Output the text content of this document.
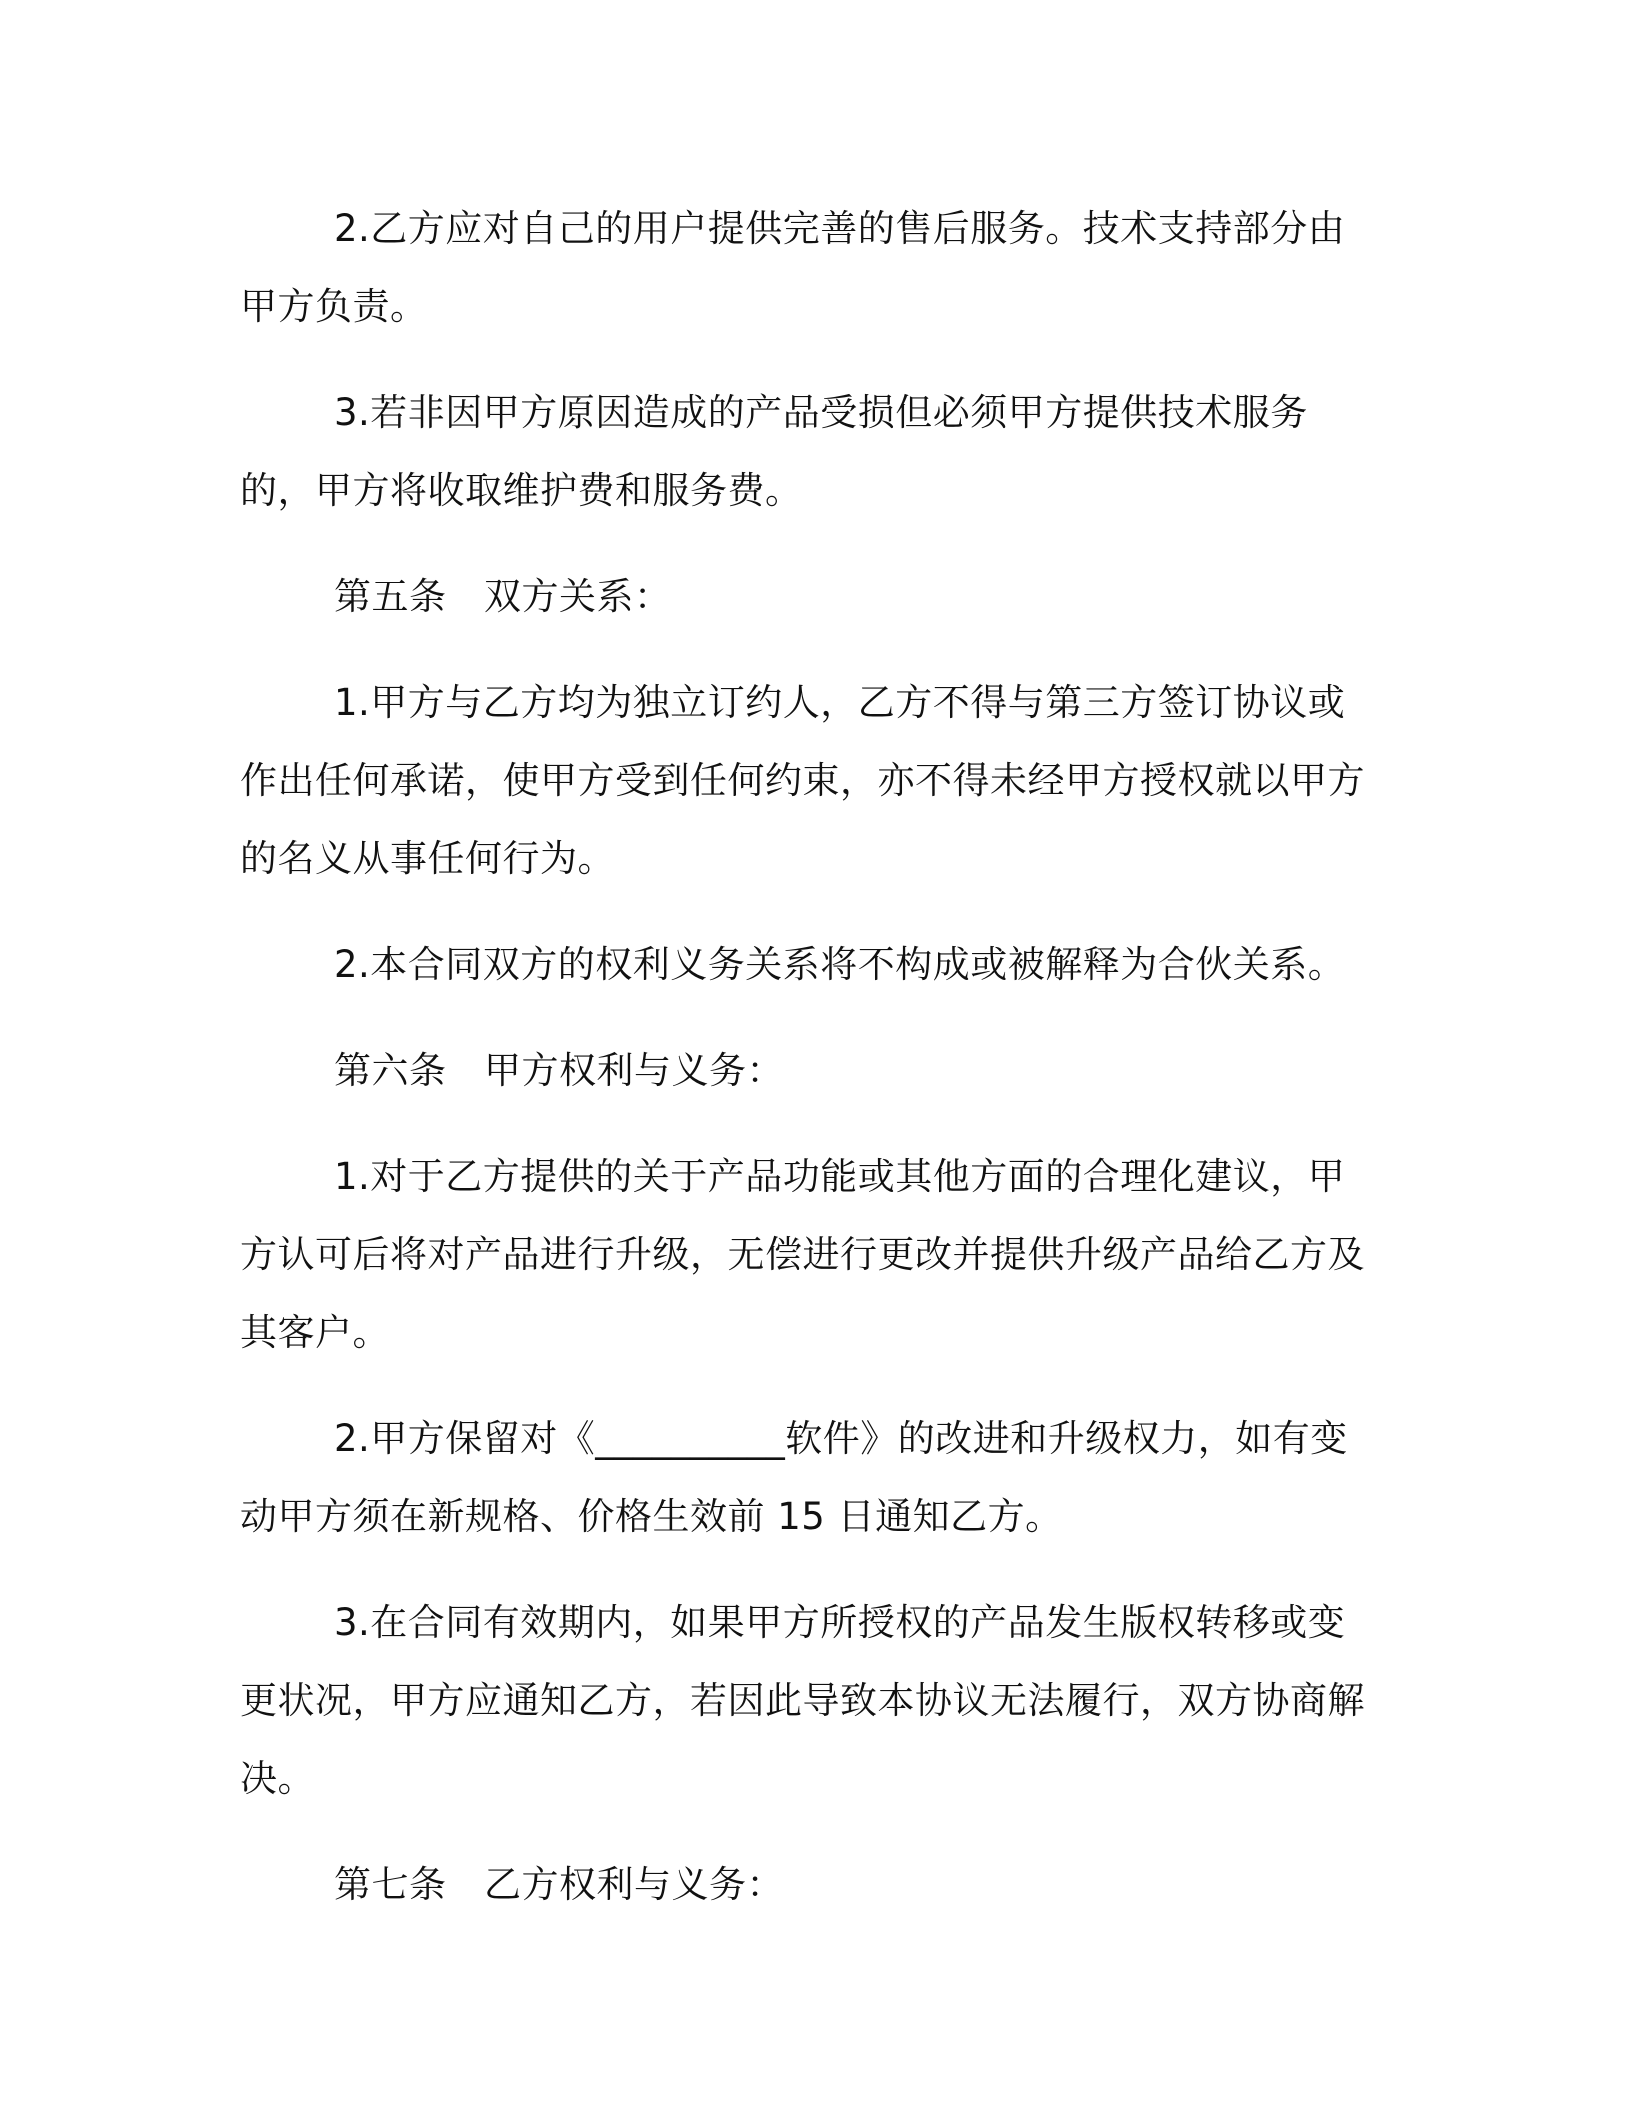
2.乙方应对自己的用户提供完善的售后服务。技术支持部分由甲方负责。

3.若非因甲方原因造成的产品受损但必须甲方提供技术服务的，甲方将收取维护费和服务费。

第五条　双方关系：

1.甲方与乙方均为独立订约人，乙方不得与第三方签订协议或作出任何承诺，使甲方受到任何约束，亦不得未经甲方授权就以甲方的名义从事任何行为。

2.本合同双方的权利义务关系将不构成或被解释为合伙关系。

第六条　甲方权利与义务：

1.对于乙方提供的关于产品功能或其他方面的合理化建议，甲方认可后将对产品进行升级，无偿进行更改并提供升级产品给乙方及其客户。

2.甲方保留对《__________软件》的改进和升级权力，如有变动甲方须在新规格、价格生效前 15 日通知乙方。

3.在合同有效期内，如果甲方所授权的产品发生版权转移或变更状况，甲方应通知乙方，若因此导致本协议无法履行，双方协商解决。

第七条　乙方权利与义务：
